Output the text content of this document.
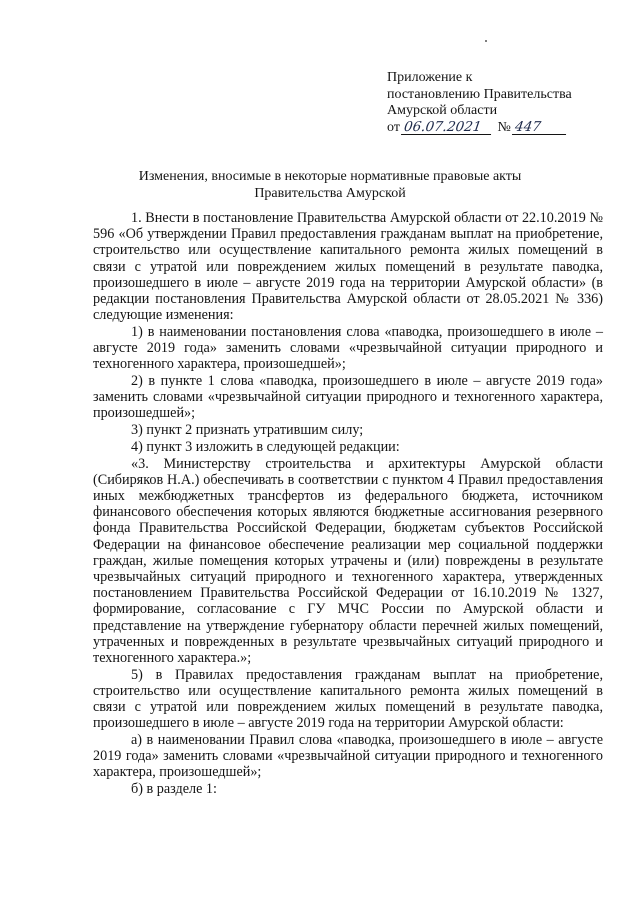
Приложение к
постановлению Правительства
Амурской области
от 06.07.2021 № 447
Изменения, вносимые в некоторые нормативные правовые акты
Правительства Амурской

1. Внести в постановление Правительства Амурской области от 22.10.2019 № 596 «Об утверждении Правил предоставления гражданам выплат на приобретение, строительство или осуществление капитального ремонта жилых помещений в связи с утратой или повреждением жилых помещений в результате паводка, произошедшего в июле – августе 2019 года на территории Амурской области» (в редакции постановления Правительства Амурской области от 28.05.2021 № 336) следующие изменения:

1) в наименовании постановления слова «паводка, произошедшего в июле – августе 2019 года» заменить словами «чрезвычайной ситуации природного и техногенного характера, произошедшей»;

2) в пункте 1 слова «паводка, произошедшего в июле – августе 2019 года» заменить словами «чрезвычайной ситуации природного и техногенного характера, произошедшей»;

3) пункт 2 признать утратившим силу;

4) пункт 3 изложить в следующей редакции:

«3. Министерству строительства и архитектуры Амурской области (Сибиряков Н.А.) обеспечивать в соответствии с пунктом 4 Правил предоставления иных межбюджетных трансфертов из федерального бюджета, источником финансового обеспечения которых являются бюджетные ассигнования резервного фонда Правительства Российской Федерации, бюджетам субъектов Российской Федерации на финансовое обеспечение реализации мер социальной поддержки граждан, жилые помещения которых утрачены и (или) повреждены в результате чрезвычайных ситуаций природного и техногенного характера, утвержденных постановлением Правительства Российской Федерации от 16.10.2019 № 1327, формирование, согласование с ГУ МЧС России по Амурской области и представление на утверждение губернатору области перечней жилых помещений, утраченных и поврежденных в результате чрезвычайных ситуаций природного и техногенного характера.»;

5) в Правилах предоставления гражданам выплат на приобретение, строительство или осуществление капитального ремонта жилых помещений в связи с утратой или повреждением жилых помещений в результате паводка, произошедшего в июле – августе 2019 года на территории Амурской области:

а) в наименовании Правил слова «паводка, произошедшего в июле – августе 2019 года» заменить словами «чрезвычайной ситуации природного и техногенного характера, произошедшей»;

б) в разделе 1:
